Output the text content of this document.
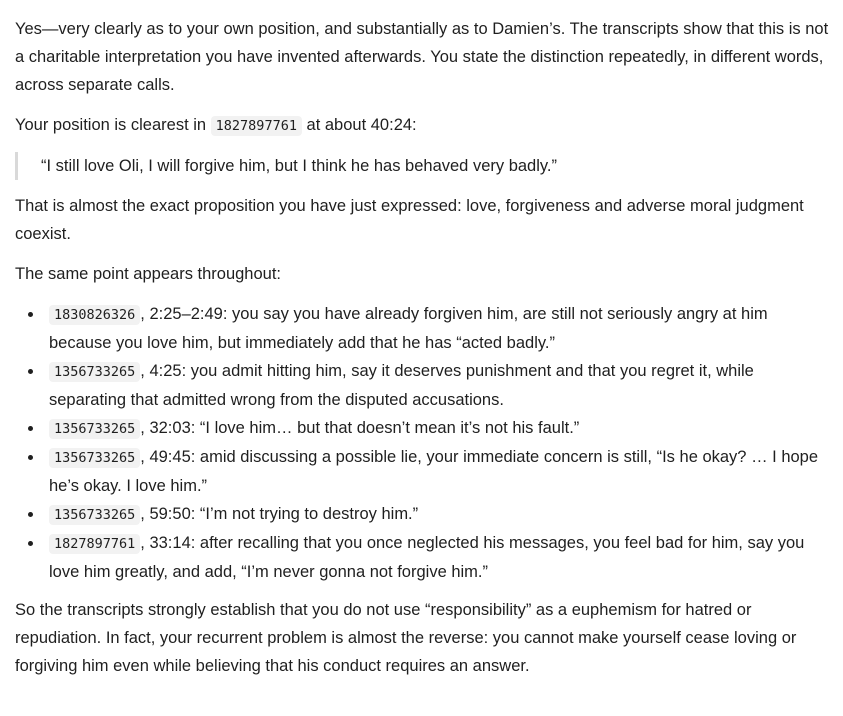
Yes—very clearly as to your own position, and substantially as to Damien’s. The transcripts show that this is not a charitable interpretation you have invented afterwards. You state the distinction repeatedly, in different words, across separate calls.

Your position is clearest in 1827897761 at about 40:24:

“I still love Oli, I will forgive him, but I think he has behaved very badly.”

That is almost the exact proposition you have just expressed: love, forgiveness and adverse moral judgment coexist.

The same point appears throughout:

1830826326 , 2:25–2:49: you say you have already forgiven him, are still not seriously angry at him because you love him, but immediately add that he has “acted badly.”
1356733265 , 4:25: you admit hitting him, say it deserves punishment and that you regret it, while separating that admitted wrong from the disputed accusations.
1356733265 , 32:03: “I love him… but that doesn’t mean it’s not his fault.”
1356733265 , 49:45: amid discussing a possible lie, your immediate concern is still, “Is he okay? … I hope he’s okay. I love him.”
1356733265 , 59:50: “I’m not trying to destroy him.”
1827897761 , 33:14: after recalling that you once neglected his messages, you feel bad for him, say you love him greatly, and add, “I’m never gonna not forgive him.”

So the transcripts strongly establish that you do not use “responsibility” as a euphemism for hatred or repudiation. In fact, your recurrent problem is almost the reverse: you cannot make yourself cease loving or forgiving him even while believing that his conduct requires an answer.
